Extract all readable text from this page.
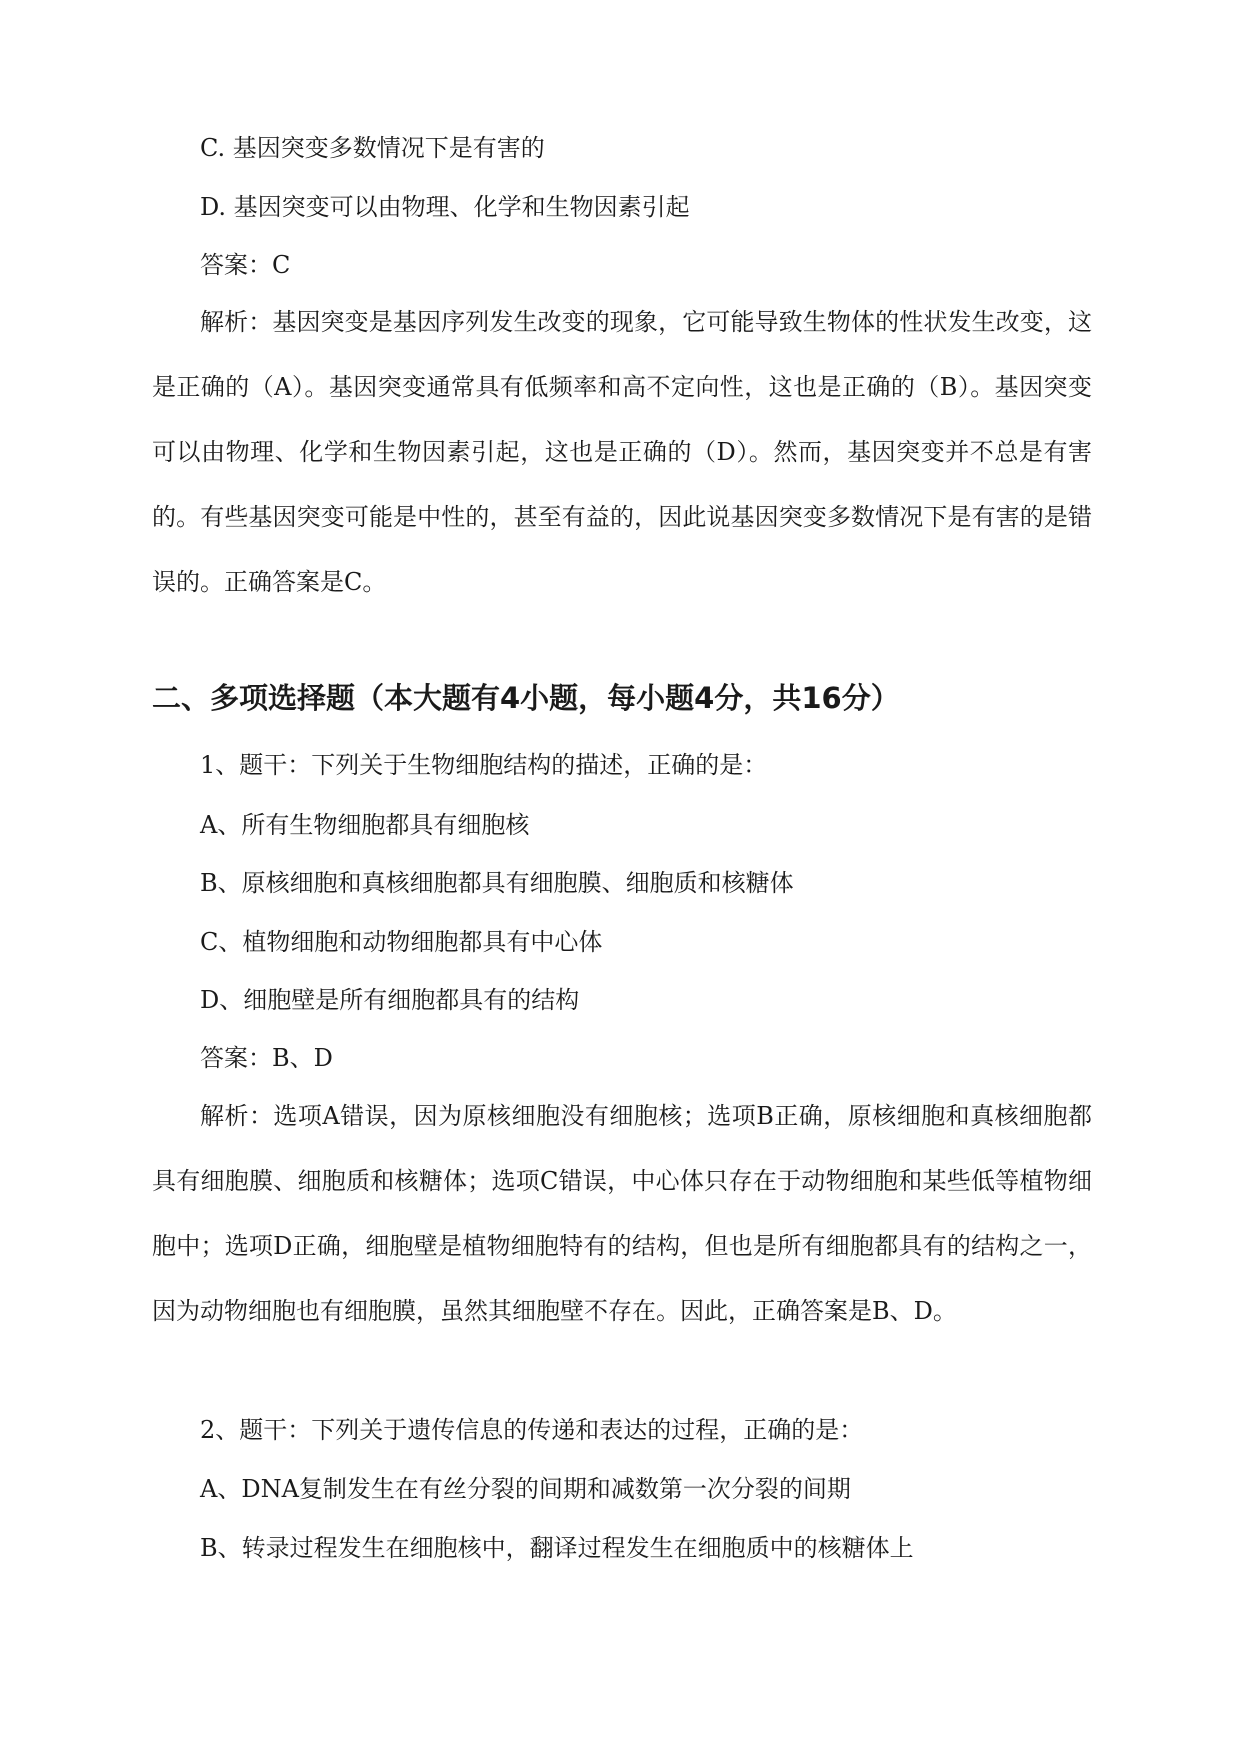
C. 基因突变多数情况下是有害的
D. 基因突变可以由物理、化学和生物因素引起
答案：C
解析：基因突变是基因序列发生改变的现象，它可能导致生物体的性状发生改变，这是正确的（A）。基因突变通常具有低频率和高不定向性，这也是正确的（B）。基因突变可以由物理、化学和生物因素引起，这也是正确的（D）。然而，基因突变并不总是有害的。有些基因突变可能是中性的，甚至有益的，因此说基因突变多数情况下是有害的是错误的。正确答案是C。
二、多项选择题（本大题有4小题，每小题4分，共16分）
1、题干：下列关于生物细胞结构的描述，正确的是：
A、所有生物细胞都具有细胞核
B、原核细胞和真核细胞都具有细胞膜、细胞质和核糖体
C、植物细胞和动物细胞都具有中心体
D、细胞壁是所有细胞都具有的结构
答案：B、D
解析：选项A错误，因为原核细胞没有细胞核；选项B正确，原核细胞和真核细胞都具有细胞膜、细胞质和核糖体；选项C错误，中心体只存在于动物细胞和某些低等植物细胞中；选项D正确，细胞壁是植物细胞特有的结构，但也是所有细胞都具有的结构之一，因为动物细胞也有细胞膜，虽然其细胞壁不存在。因此，正确答案是B、D。
2、题干：下列关于遗传信息的传递和表达的过程，正确的是：
A、DNA复制发生在有丝分裂的间期和减数第一次分裂的间期
B、转录过程发生在细胞核中，翻译过程发生在细胞质中的核糖体上
